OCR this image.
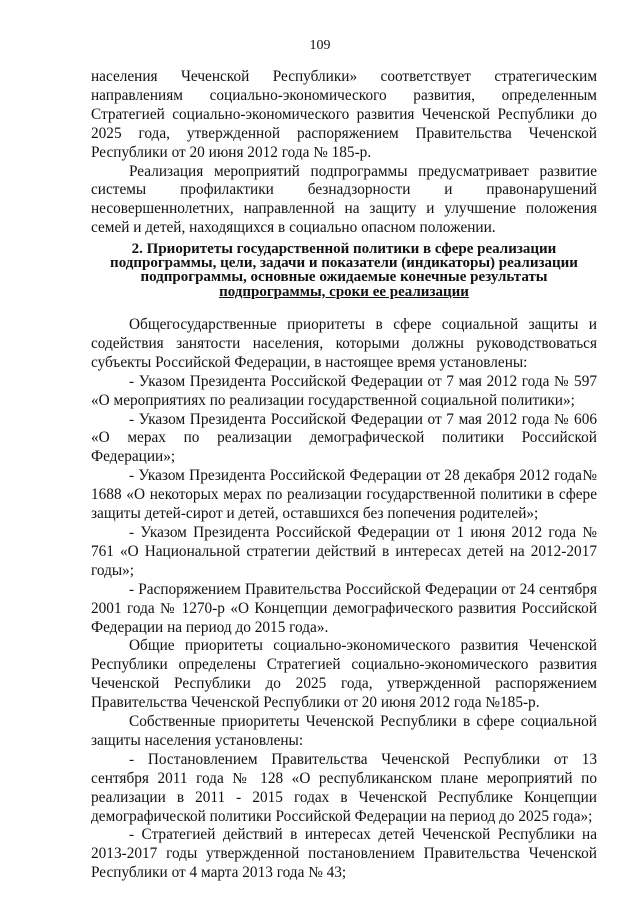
109

населения Чеченской Республики» соответствует стратегическим направлениям социально-экономического развития, определенным Стратегией социально-экономического развития Чеченской Республики до 2025 года, утвержденной распоряжением Правительства Чеченской Республики от 20 июня 2012 года № 185-р.

Реализация мероприятий подпрограммы предусматривает развитие системы профилактики безнадзорности и правонарушений несовершеннолетних, направленной на защиту и улучшение положения семей и детей, находящихся в социально опасном положении.

2. Приоритеты государственной политики в сфере реализации
подпрограммы, цели, задачи и показатели (индикаторы) реализации
подпрограммы, основные ожидаемые конечные результаты
подпрограммы, сроки ее реализации

Общегосударственные приоритеты в сфере социальной защиты и содействия занятости населения, которыми должны руководствоваться субъекты Российской Федерации, в настоящее время установлены:

- Указом Президента Российской Федерации от 7 мая 2012 года № 597 «О мероприятиях по реализации государственной социальной политики»;

- Указом Президента Российской Федерации от 7 мая 2012 года № 606 «О мерах по реализации демографической политики Российской Федерации»;

- Указом Президента Российской Федерации от 28 декабря 2012 года№ 1688 «О некоторых мерах по реализации государственной политики в сфере защиты детей-сирот и детей, оставшихся без попечения родителей»;

- Указом Президента Российской Федерации от 1 июня 2012 года № 761 «О Национальной стратегии действий в интересах детей на 2012-2017 годы»;

- Распоряжением Правительства Российской Федерации от 24 сентября 2001 года № 1270-р «О Концепции демографического развития Российской Федерации на период до 2015 года».

Общие приоритеты социально-экономического развития Чеченской Республики определены Стратегией социально-экономического развития Чеченской Республики до 2025 года, утвержденной распоряжением Правительства Чеченской Республики от 20 июня 2012 года №185-р.

Собственные приоритеты Чеченской Республики в сфере социальной защиты населения установлены:

- Постановлением Правительства Чеченской Республики от 13 сентября 2011 года № 128 «О республиканском плане мероприятий по реализации в 2011 - 2015 годах в Чеченской Республике Концепции демографической политики Российской Федерации на период до 2025 года»;

- Стратегией действий в интересах детей Чеченской Республики на 2013-2017 годы утвержденной постановлением Правительства Чеченской Республики от 4 марта 2013 года № 43;
